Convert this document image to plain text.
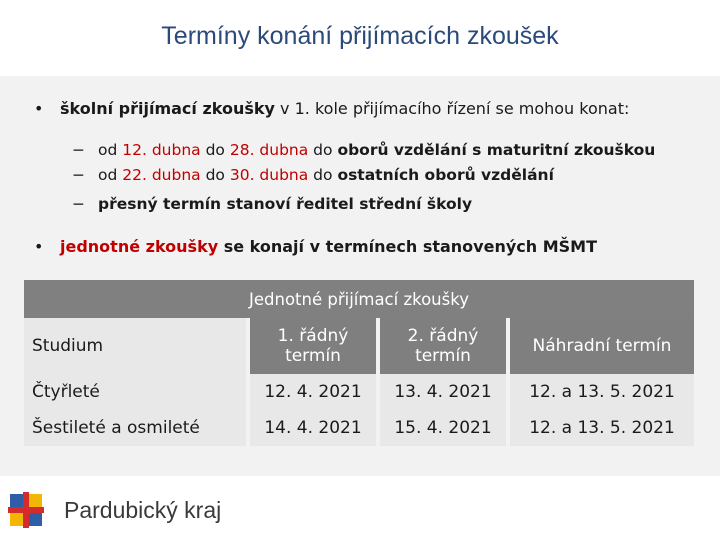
Termíny konání přijímacích zkoušek
• školní přijímací zkoušky v 1. kole přijímacího řízení se mohou konat:
− od 12. dubna do 28. dubna do oborů vzdělání s maturitní zkouškou
− od 22. dubna do 30. dubna do ostatních oborů vzdělání
− přesný termín stanoví ředitel střední školy
• jednotné zkoušky se konají v termínech stanovených MŠMT
Jednotné přijímací zkoušky			
Studium	1. řádný termín	2. řádný termín	Náhradní termín
Čtyřleté	12. 4. 2021	13. 4. 2021	12. a 13. 5. 2021
Šestileté a osmileté	14. 4. 2021	15. 4. 2021	12. a 13. 5. 2021
Pardubický kraj
